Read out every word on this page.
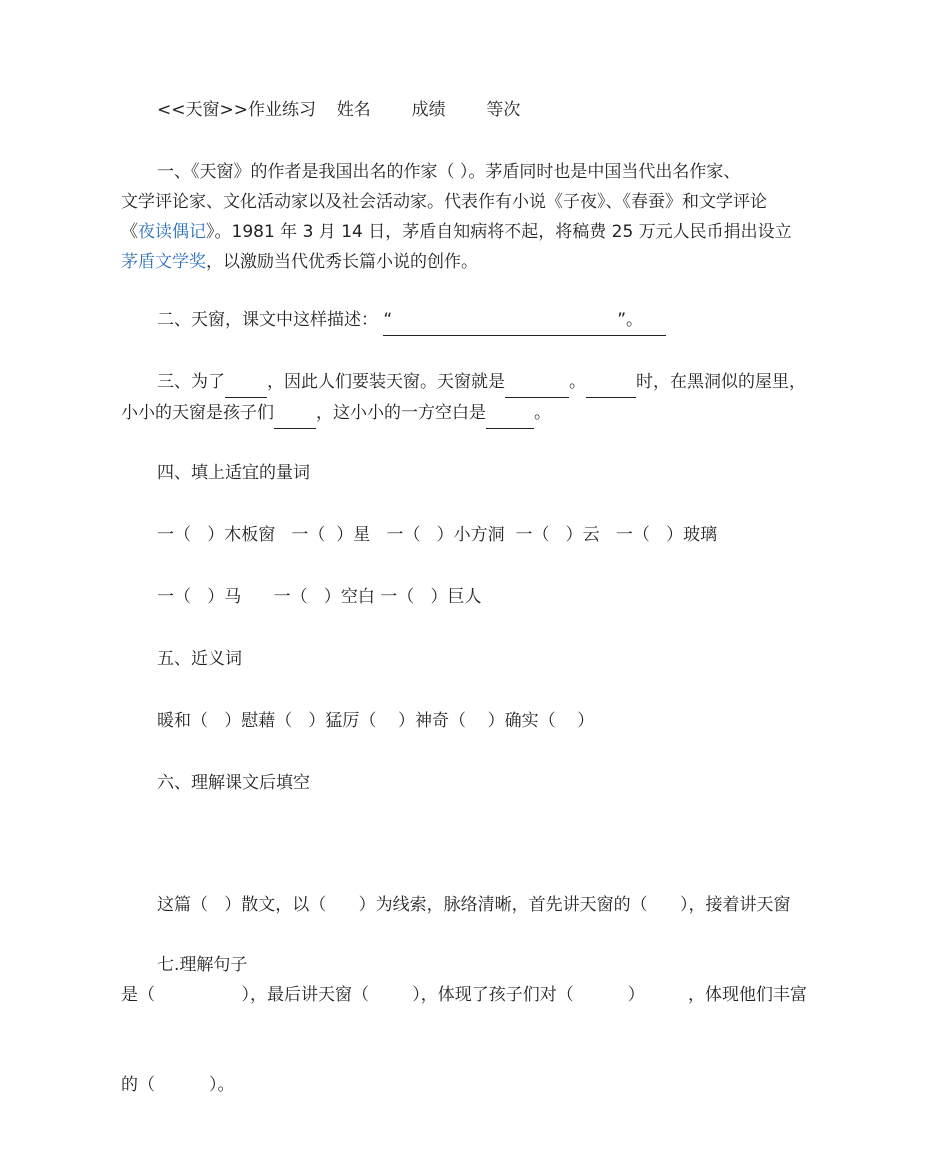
<<天窗>>作业练习 姓名 成绩 等次
一、《天窗》的作者是我国出名的作家（ ）。茅盾同时也是中国当代出名作家、
文学评论家、文化活动家以及社会活动家。代表作有小说《子夜》、《春蚕》和文学评论
《夜读偶记》。1981 年 3 月 14 日，茅盾自知病将不起，将稿费 25 万元人民币捐出设立
茅盾文学奖，以激励当代优秀长篇小说的创作。
二、天窗，课文中这样描述： “	”。
三、为了 ，因此人们要装天窗。天窗就是	。	时，在黑洞似的屋里，
小小的天窗是孩子们 ，这小小的一方空白是	。
四、填上适宜的量词
一（   ）木板窗   一（  ）星   一（   ）小方洞  一（   ）云   一（   ）玻璃
一（   ）马      一（   ）空白 一（   ）巨人
五、近义词
暖和（   ）慰藉（   ）猛厉（    ）神奇（    ）确实（    ）
六、理解课文后填空

这篇（   ）散文，以（      ）为线索，脉络清晰，首先讲天窗的（      ），接着讲天窗

是（                ），最后讲天窗（        ），体现了孩子们对（          ）        ，体现他们丰富

的（          ）。

七.理解句子
